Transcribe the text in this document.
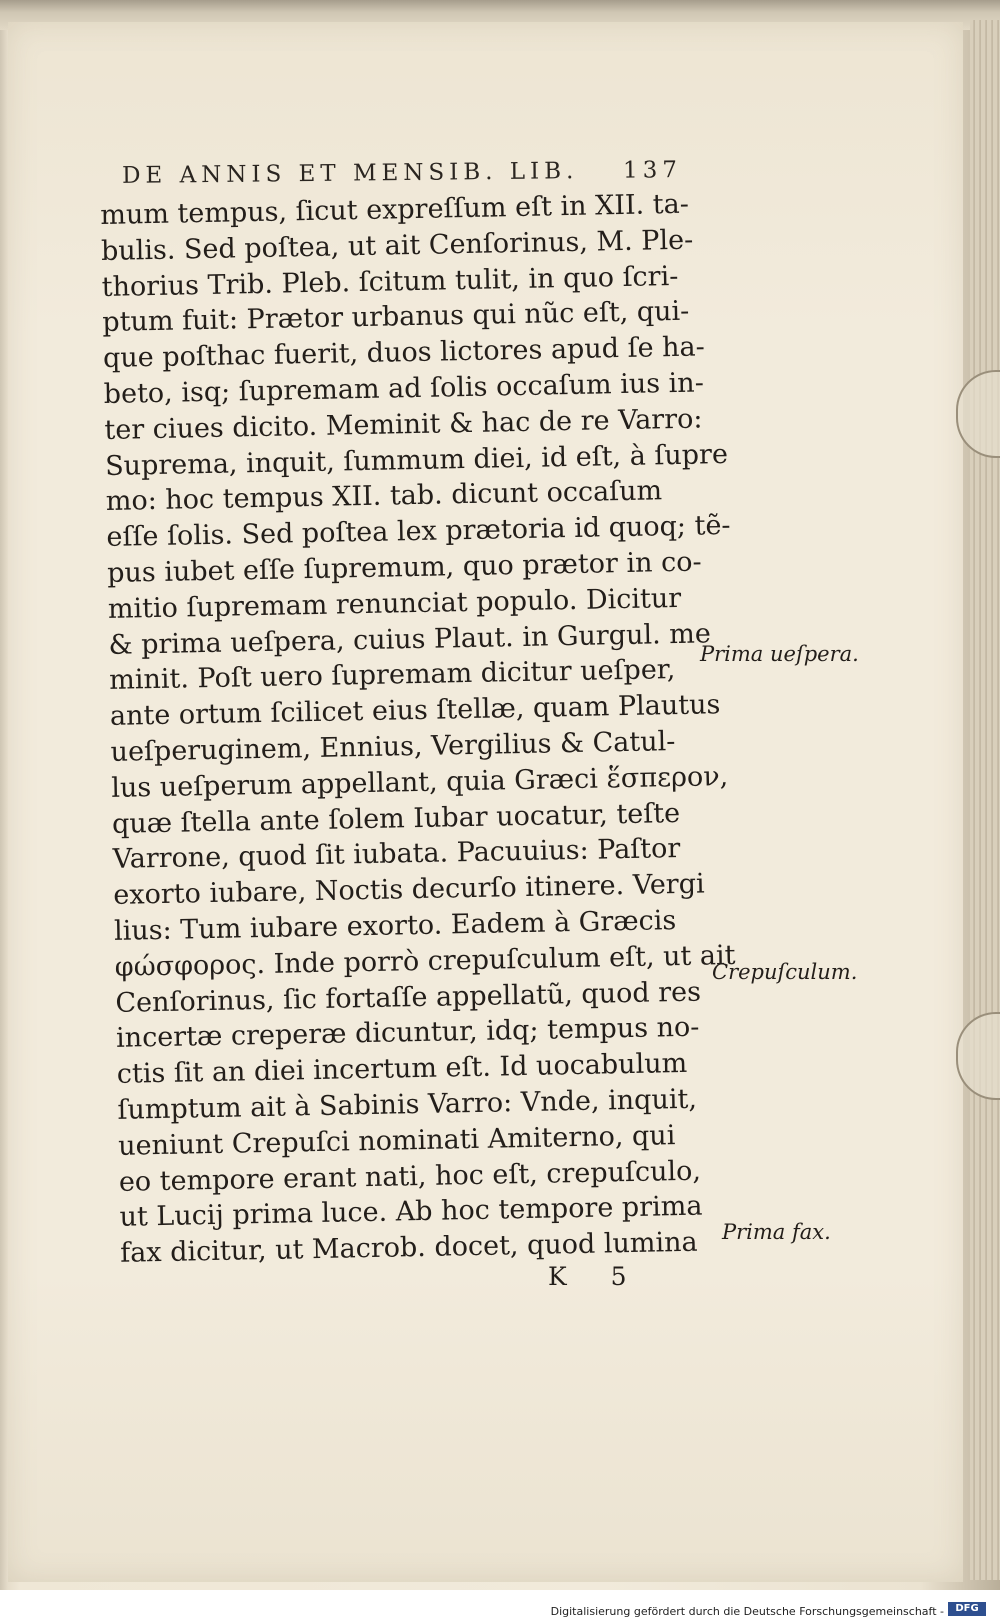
DE ANNIS ET MENSIB. LIB. 137
mum tempus, ſicut expreſſum eſt in XII. ta-
bulis. Sed poſtea, ut ait Cenſorinus, M. Ple-
thorius Trib. Pleb. ſcitum tulit, in quo ſcri-
ptum fuit: Prætor urbanus qui nũc eſt, qui-
que poſthac fuerit, duos lictores apud ſe ha-
beto, isq; ſupremam ad ſolis occaſum ius in-
ter ciues dicito. Meminit & hac de re Varro:
Suprema, inquit, ſummum diei, id eſt, à ſupre
mo: hoc tempus XII. tab. dicunt occaſum
eſſe ſolis. Sed poſtea lex prætoria id quoq; tẽ-
pus iubet eſſe ſupremum, quo prætor in co-
mitio ſupremam renunciat populo. Dicitur
& prima ueſpera, cuius Plaut. in Gurgul. me
minit. Poſt uero ſupremam dicitur ueſper,
ante ortum ſcilicet eius ſtellæ, quam Plautus
ueſperuginem, Ennius, Vergilius & Catul-
lus ueſperum appellant, quia Græci ἕσπερον,
quæ ſtella ante ſolem Iubar uocatur, teſte
Varrone, quod ſit iubata. Pacuuius: Paſtor
exorto iubare, Noctis decurſo itinere. Vergi
lius: Tum iubare exorto. Eadem à Græcis
φώσφορος. Inde porrò crepuſculum eſt, ut ait
Cenſorinus, ſic fortaſſe appellatũ, quod res
incertæ creperæ dicuntur, idq; tempus no-
ctis ſit an diei incertum eſt. Id uocabulum
ſumptum ait à Sabinis Varro: Vnde, inquit,
ueniunt Crepuſci nominati Amiterno, qui
eo tempore erant nati, hoc eſt, crepuſculo,
ut Lucij prima luce. Ab hoc tempore prima
fax dicitur, ut Macrob. docet, quod lumina
Prima ueſpera.
Crepuſculum.
Prima fax.
K 5
Digitalisierung gefördert durch die Deutsche Forschungsgemeinschaft -	DFG
